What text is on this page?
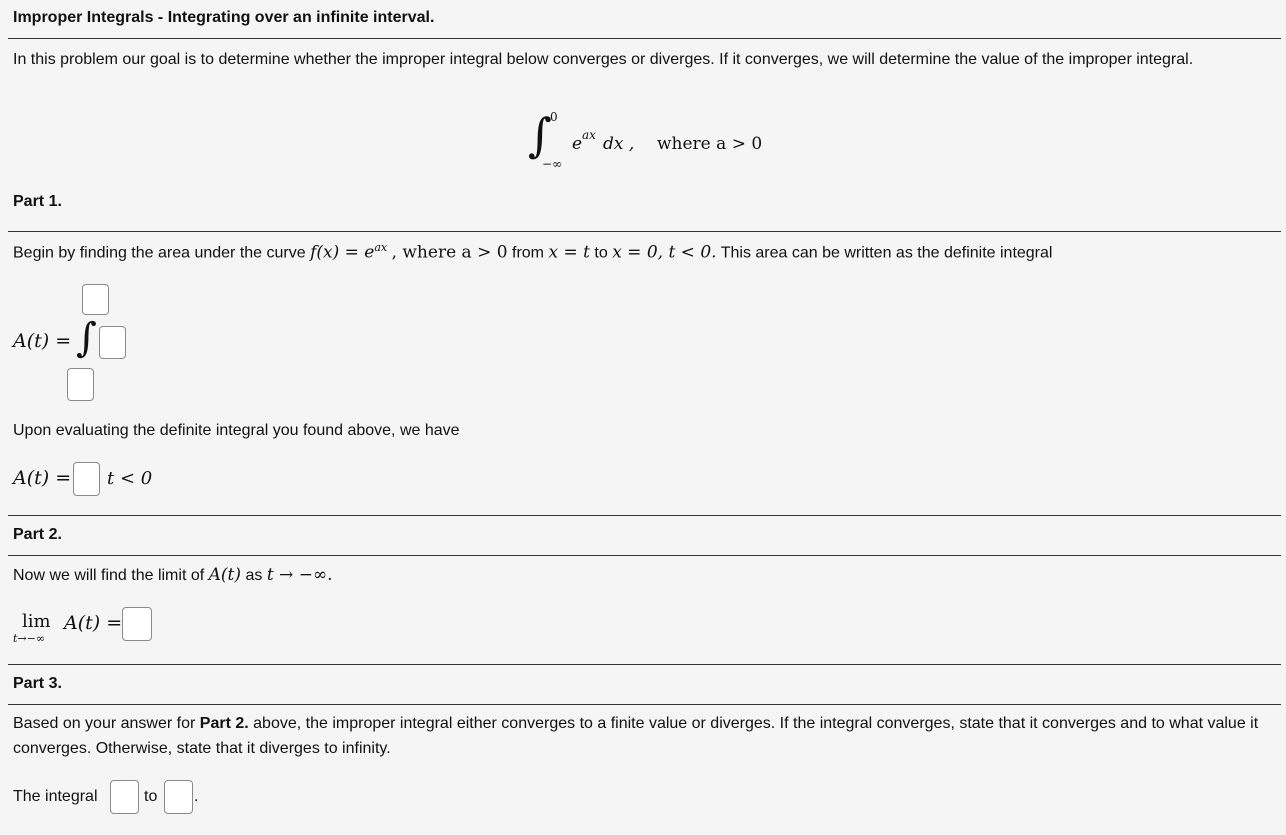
Improper Integrals - Integrating over an infinite interval.
In this problem our goal is to determine whether the improper integral below converges or diverges. If it converges, we will determine the value of the improper integral.
∫
0
−∞
e ax dx , where a > 0
Part 1.
Begin by finding the area under the curve $f(x) = e^{ax}$ , where a > 0 from x = t to x = 0, t < 0. This area can be written as the definite integral
A(t) = ∫
Upon evaluating the definite integral you found above, we have
A(t) = t < 0
Part 2.
Now we will find the limit of A(t) as t → −∞.
lim
t→−∞
A(t) =
Part 3.
Based on your answer for Part 2. above, the improper integral either converges to a finite value or diverges. If the integral converges, state that it converges and to what value it converges. Otherwise, state that it diverges to infinity.
The integral	to .
